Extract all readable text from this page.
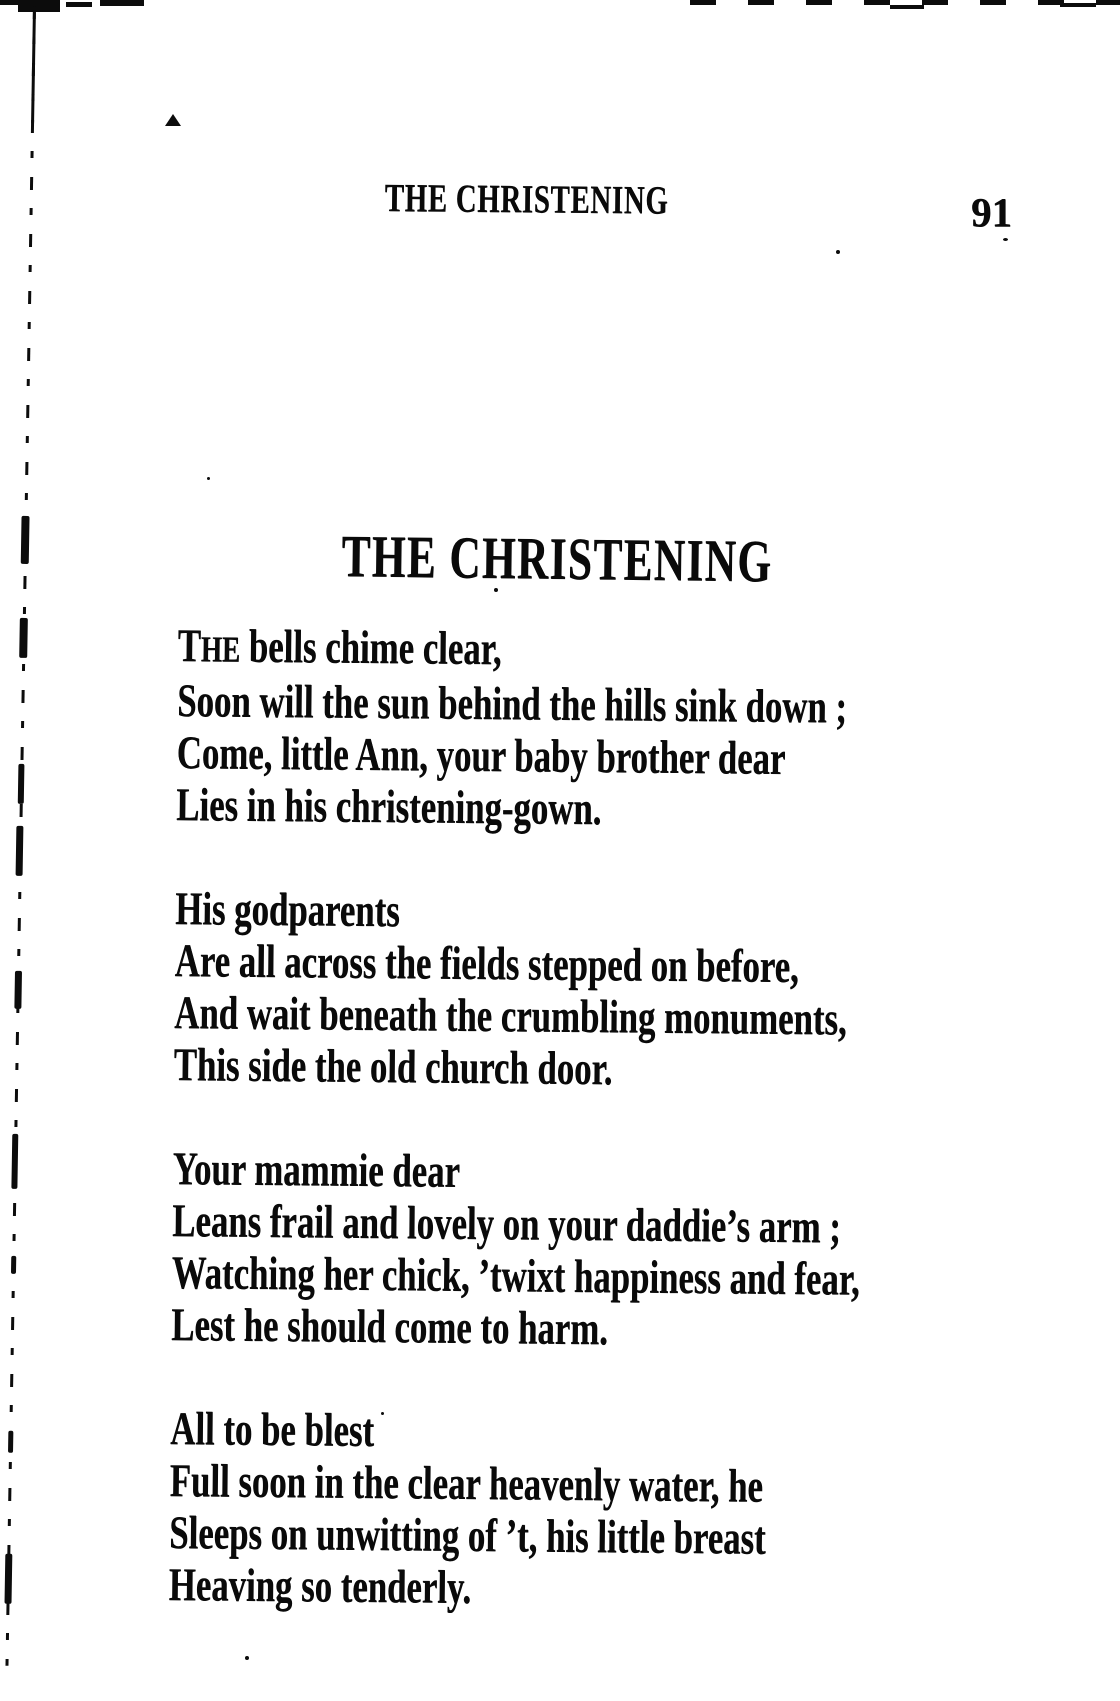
THE CHRISTENING	91
THE CHRISTENING
THE bells chime clear,
Soon will the sun behind the hills sink down ;
Come, little Ann, your baby brother dear
Lies in his christening-gown.
His godparents
Are all across the fields stepped on before,
And wait beneath the crumbling monuments,
This side the old church door.
Your mammie dear
Leans frail and lovely on your daddie’s arm ;
Watching her chick, ’twixt happiness and fear,
Lest he should come to harm.
All to be blest
Full soon in the clear heavenly water, he
Sleeps on unwitting of ’t, his little breast
Heaving so tenderly.
